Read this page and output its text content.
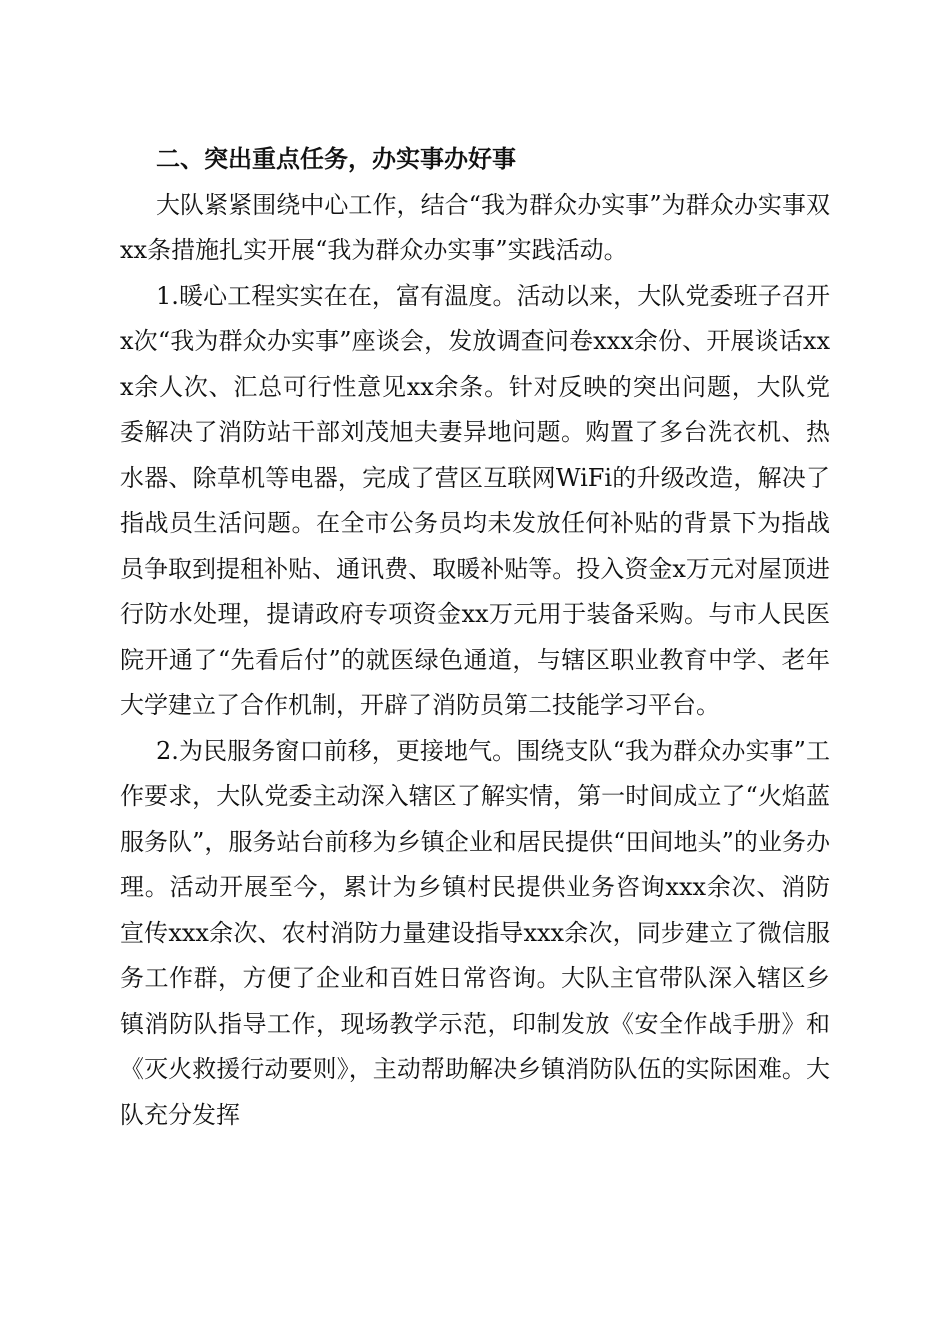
二、突出重点任务，办实事办好事

大队紧紧围绕中心工作，结合“我为群众办实事”为群众办实事双xx条措施扎实开展“我为群众办实事”实践活动。

1.暖心工程实实在在，富有温度。活动以来，大队党委班子召开x次“我为群众办实事”座谈会，发放调查问卷xxx余份、开展谈话xxx余人次、汇总可行性意见xx余条。针对反映的突出问题，大队党委解决了消防站干部刘茂旭夫妻异地问题。购置了多台洗衣机、热水器、除草机等电器，完成了营区互联网WiFi的升级改造，解决了指战员生活问题。在全市公务员均未发放任何补贴的背景下为指战员争取到提租补贴、通讯费、取暖补贴等。投入资金x万元对屋顶进行防水处理，提请政府专项资金xx万元用于装备采购。与市人民医院开通了“先看后付”的就医绿色通道，与辖区职业教育中学、老年大学建立了合作机制，开辟了消防员第二技能学习平台。

2.为民服务窗口前移，更接地气。围绕支队“我为群众办实事”工作要求，大队党委主动深入辖区了解实情，第一时间成立了“火焰蓝服务队”，服务站台前移为乡镇企业和居民提供“田间地头”的业务办理。活动开展至今，累计为乡镇村民提供业务咨询xxx余次、消防宣传xxx余次、农村消防力量建设指导xxx余次，同步建立了微信服务工作群，方便了企业和百姓日常咨询。大队主官带队深入辖区乡镇消防队指导工作，现场教学示范，印制发放《安全作战手册》和《灭火救援行动要则》，主动帮助解决乡镇消防队伍的实际困难。大队充分发挥
